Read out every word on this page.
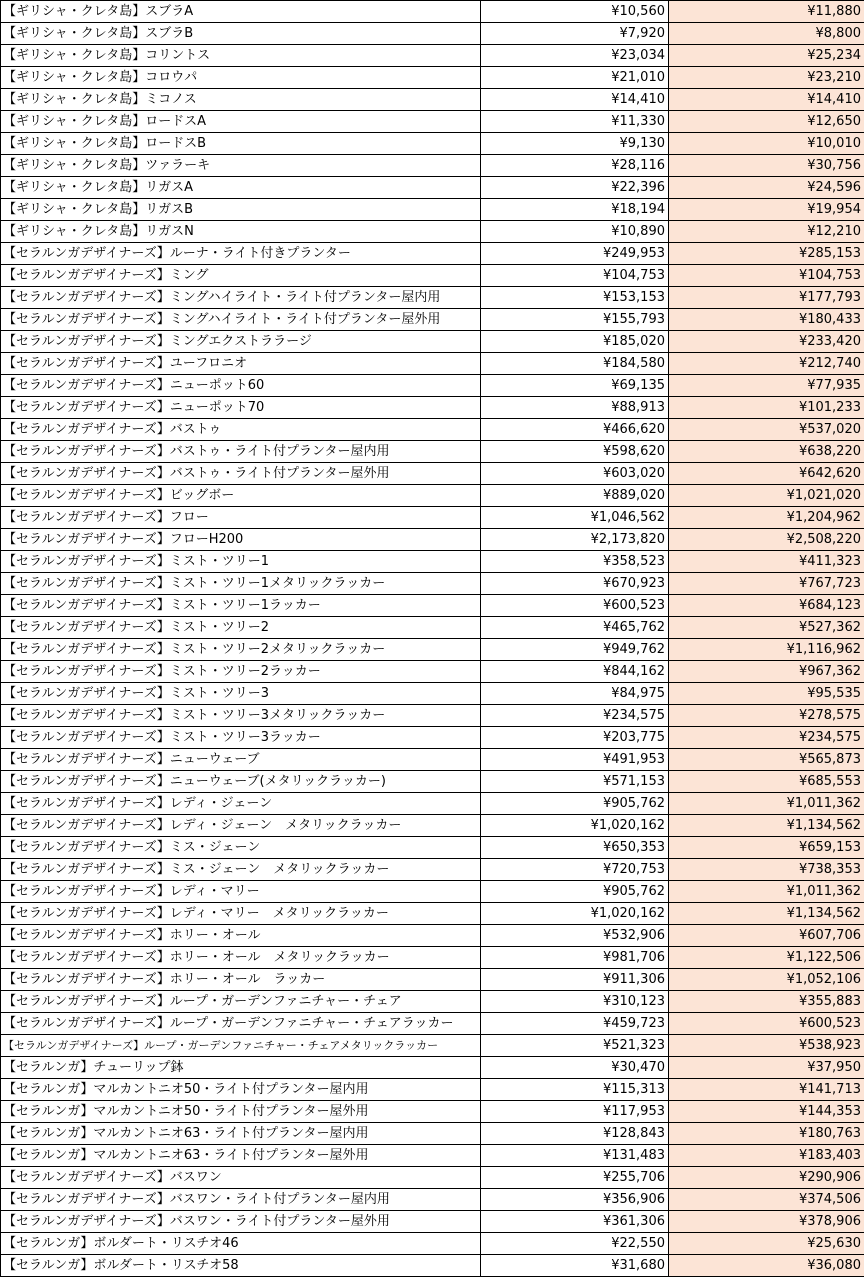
【ギリシャ・クレタ島】スブラA	¥10,560	¥11,880
【ギリシャ・クレタ島】スブラB	¥7,920	¥8,800
【ギリシャ・クレタ島】コリントス	¥23,034	¥25,234
【ギリシャ・クレタ島】コロウパ	¥21,010	¥23,210
【ギリシャ・クレタ島】ミコノス	¥14,410	¥14,410
【ギリシャ・クレタ島】ロードスA	¥11,330	¥12,650
【ギリシャ・クレタ島】ロードスB	¥9,130	¥10,010
【ギリシャ・クレタ島】ツァラーキ	¥28,116	¥30,756
【ギリシャ・クレタ島】リガスA	¥22,396	¥24,596
【ギリシャ・クレタ島】リガスB	¥18,194	¥19,954
【ギリシャ・クレタ島】リガスN	¥10,890	¥12,210
【セラルンガデザイナーズ】ルーナ・ライト付きプランター	¥249,953	¥285,153
【セラルンガデザイナーズ】ミング	¥104,753	¥104,753
【セラルンガデザイナーズ】ミングハイライト・ライト付プランター屋内用	¥153,153	¥177,793
【セラルンガデザイナーズ】ミングハイライト・ライト付プランター屋外用	¥155,793	¥180,433
【セラルンガデザイナーズ】ミングエクストララージ	¥185,020	¥233,420
【セラルンガデザイナーズ】ユーフロニオ	¥184,580	¥212,740
【セラルンガデザイナーズ】ニューポット60	¥69,135	¥77,935
【セラルンガデザイナーズ】ニューポット70	¥88,913	¥101,233
【セラルンガデザイナーズ】バストゥ	¥466,620	¥537,020
【セラルンガデザイナーズ】バストゥ・ライト付プランター屋内用	¥598,620	¥638,220
【セラルンガデザイナーズ】バストゥ・ライト付プランター屋外用	¥603,020	¥642,620
【セラルンガデザイナーズ】ビッグボー	¥889,020	¥1,021,020
【セラルンガデザイナーズ】フロー	¥1,046,562	¥1,204,962
【セラルンガデザイナーズ】フローH200	¥2,173,820	¥2,508,220
【セラルンガデザイナーズ】ミスト・ツリー1	¥358,523	¥411,323
【セラルンガデザイナーズ】ミスト・ツリー1メタリックラッカー	¥670,923	¥767,723
【セラルンガデザイナーズ】ミスト・ツリー1ラッカー	¥600,523	¥684,123
【セラルンガデザイナーズ】ミスト・ツリー2	¥465,762	¥527,362
【セラルンガデザイナーズ】ミスト・ツリー2メタリックラッカー	¥949,762	¥1,116,962
【セラルンガデザイナーズ】ミスト・ツリー2ラッカー	¥844,162	¥967,362
【セラルンガデザイナーズ】ミスト・ツリー3	¥84,975	¥95,535
【セラルンガデザイナーズ】ミスト・ツリー3メタリックラッカー	¥234,575	¥278,575
【セラルンガデザイナーズ】ミスト・ツリー3ラッカー	¥203,775	¥234,575
【セラルンガデザイナーズ】ニューウェーブ	¥491,953	¥565,873
【セラルンガデザイナーズ】ニューウェーブ(メタリックラッカー)	¥571,153	¥685,553
【セラルンガデザイナーズ】レディ・ジェーン	¥905,762	¥1,011,362
【セラルンガデザイナーズ】レディ・ジェーン　メタリックラッカー	¥1,020,162	¥1,134,562
【セラルンガデザイナーズ】ミス・ジェーン	¥650,353	¥659,153
【セラルンガデザイナーズ】ミス・ジェーン　メタリックラッカー	¥720,753	¥738,353
【セラルンガデザイナーズ】レディ・マリー	¥905,762	¥1,011,362
【セラルンガデザイナーズ】レディ・マリー　メタリックラッカー	¥1,020,162	¥1,134,562
【セラルンガデザイナーズ】ホリー・オール	¥532,906	¥607,706
【セラルンガデザイナーズ】ホリー・オール　メタリックラッカー	¥981,706	¥1,122,506
【セラルンガデザイナーズ】ホリー・オール　ラッカー	¥911,306	¥1,052,106
【セラルンガデザイナーズ】ループ・ガーデンファニチャー・チェア	¥310,123	¥355,883
【セラルンガデザイナーズ】ループ・ガーデンファニチャー・チェアラッカー	¥459,723	¥600,523
【セラルンガデザイナーズ】ループ・ガーデンファニチャー・チェアメタリックラッカー	¥521,323	¥538,923
【セラルンガ】チューリップ鉢	¥30,470	¥37,950
【セラルンガ】マルカントニオ50・ライト付プランター屋内用	¥115,313	¥141,713
【セラルンガ】マルカントニオ50・ライト付プランター屋外用	¥117,953	¥144,353
【セラルンガ】マルカントニオ63・ライト付プランター屋内用	¥128,843	¥180,763
【セラルンガ】マルカントニオ63・ライト付プランター屋外用	¥131,483	¥183,403
【セラルンガデザイナーズ】バスワン	¥255,706	¥290,906
【セラルンガデザイナーズ】バスワン・ライト付プランター屋内用	¥356,906	¥374,506
【セラルンガデザイナーズ】バスワン・ライト付プランター屋外用	¥361,306	¥378,906
【セラルンガ】ボルダート・リスチオ46	¥22,550	¥25,630
【セラルンガ】ボルダート・リスチオ58	¥31,680	¥36,080
